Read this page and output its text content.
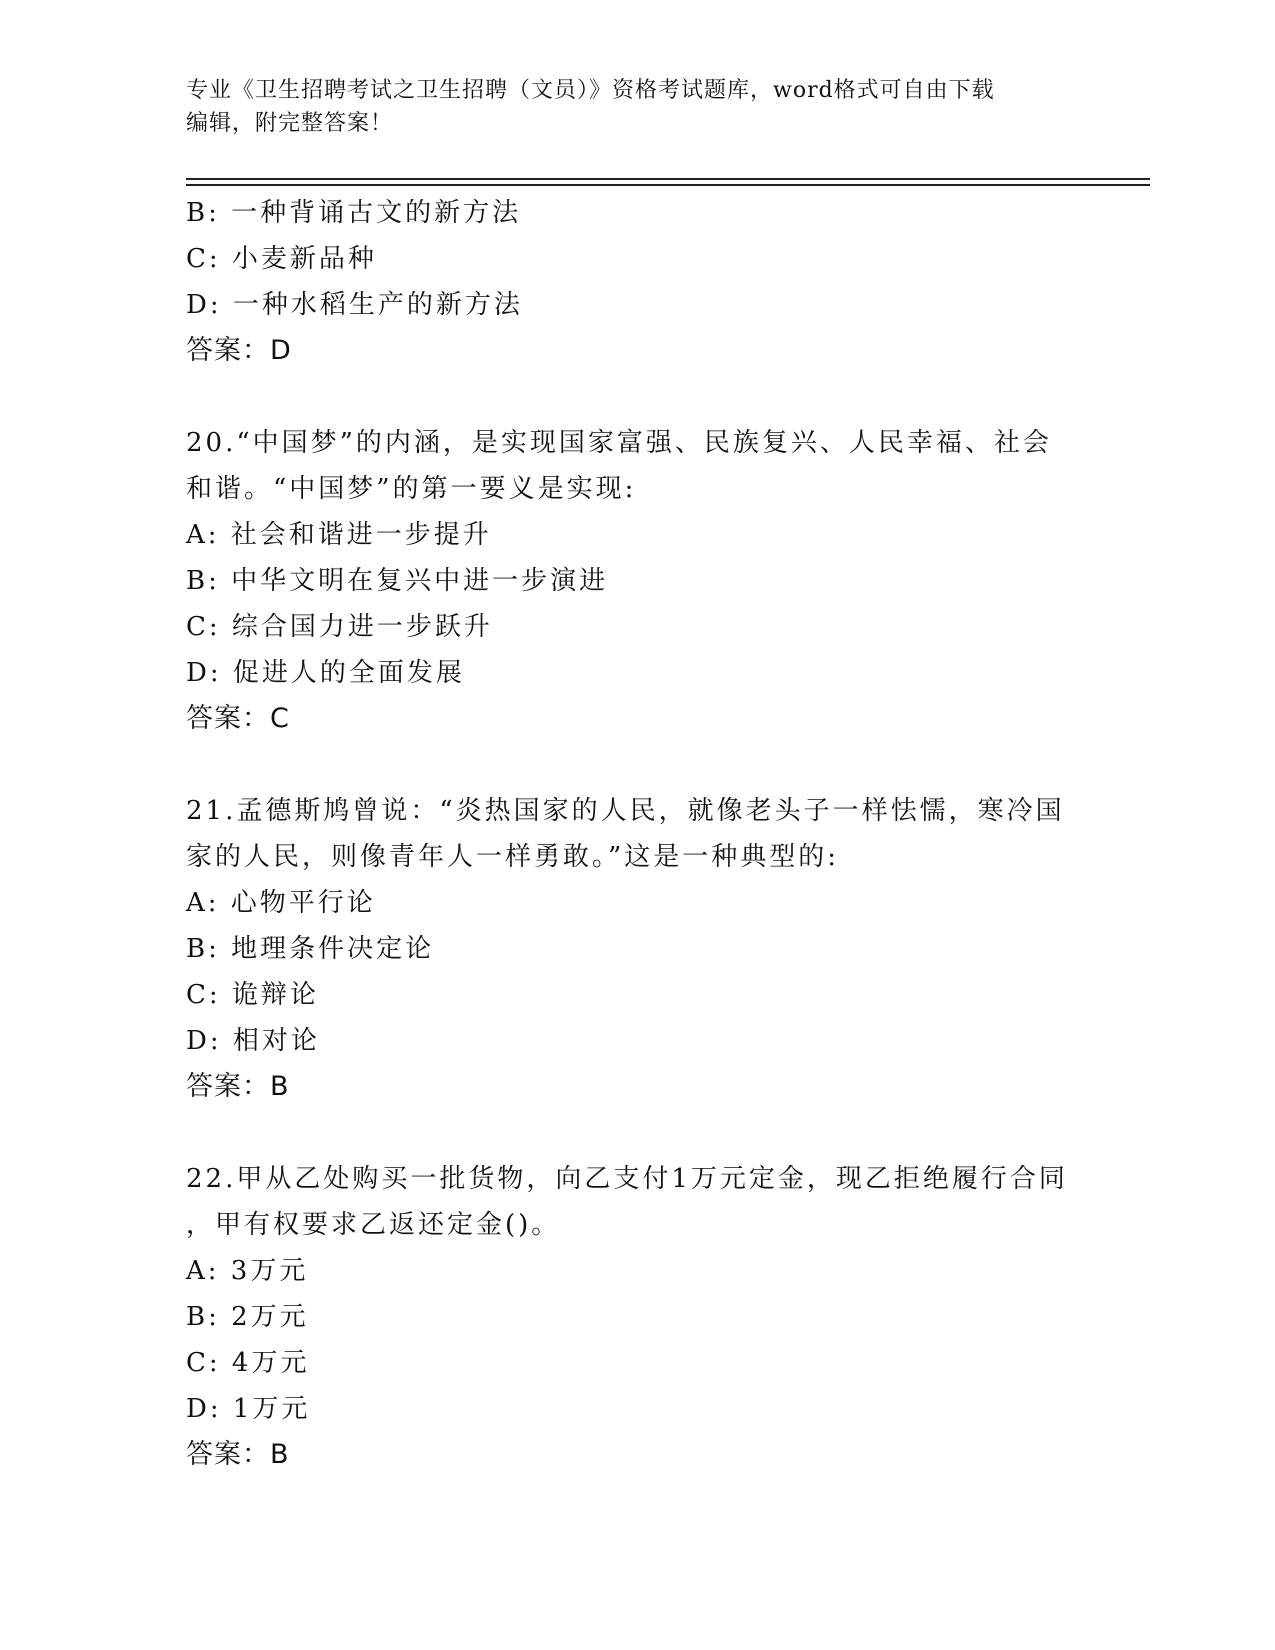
专业《卫生招聘考试之卫生招聘（文员）》资格考试题库，word格式可自由下载
编辑，附完整答案！
B: 一种背诵古文的新方法
C: 小麦新品种
D: 一种水稻生产的新方法
答案：D
20.“中国梦”的内涵，是实现国家富强、民族复兴、人民幸福、社会
和谐。“中国梦”的第一要义是实现:
A: 社会和谐进一步提升
B: 中华文明在复兴中进一步演进
C: 综合国力进一步跃升
D: 促进人的全面发展
答案：C
21.孟德斯鸠曾说：“炎热国家的人民，就像老头子一样怯懦，寒冷国
家的人民，则像青年人一样勇敢。”这是一种典型的:
A: 心物平行论
B: 地理条件决定论
C: 诡辩论
D: 相对论
答案：B
22.甲从乙处购买一批货物，向乙支付1万元定金，现乙拒绝履行合同
，甲有权要求乙返还定金()。
A: 3万元
B: 2万元
C: 4万元
D: 1万元
答案：B
